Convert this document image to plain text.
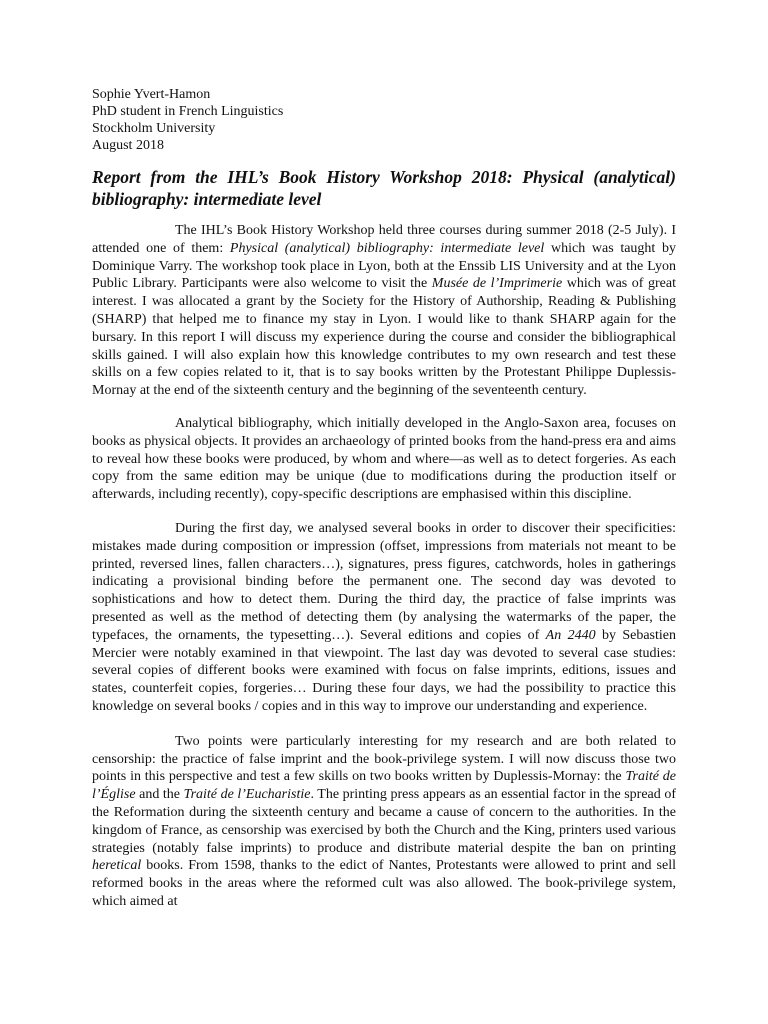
Sophie Yvert-Hamon
PhD student in French Linguistics
Stockholm University
August 2018
Report from the IHL’s Book History Workshop 2018: Physical (analytical) bibliography: intermediate level

The IHL’s Book History Workshop held three courses during summer 2018 (2-5 July). I attended one of them: Physical (analytical) bibliography: intermediate level which was taught by Dominique Varry. The workshop took place in Lyon, both at the Enssib LIS University and at the Lyon Public Library. Participants were also welcome to visit the Musée de l’Imprimerie which was of great interest. I was allocated a grant by the Society for the History of Authorship, Reading & Publishing (SHARP) that helped me to finance my stay in Lyon. I would like to thank SHARP again for the bursary. In this report I will discuss my experience during the course and consider the bibliographical skills gained. I will also explain how this knowledge contributes to my own research and test these skills on a few copies related to it, that is to say books written by the Protestant Philippe Duplessis-Mornay at the end of the sixteenth century and the beginning of the seventeenth century.

Analytical bibliography, which initially developed in the Anglo-Saxon area, focuses on books as physical objects. It provides an archaeology of printed books from the hand-press era and aims to reveal how these books were produced, by whom and where—as well as to detect forgeries. As each copy from the same edition may be unique (due to modifications during the production itself or afterwards, including recently), copy-specific descriptions are emphasised within this discipline.

During the first day, we analysed several books in order to discover their specificities: mistakes made during composition or impression (offset, impressions from materials not meant to be printed, reversed lines, fallen characters…), signatures, press figures, catchwords, holes in gatherings indicating a provisional binding before the permanent one. The second day was devoted to sophistications and how to detect them. During the third day, the practice of false imprints was presented as well as the method of detecting them (by analysing the watermarks of the paper, the typefaces, the ornaments, the typesetting…). Several editions and copies of An 2440 by Sebastien Mercier were notably examined in that viewpoint. The last day was devoted to several case studies: several copies of different books were examined with focus on false imprints, editions, issues and states, counterfeit copies, forgeries… During these four days, we had the possibility to practice this knowledge on several books / copies and in this way to improve our understanding and experience.

Two points were particularly interesting for my research and are both related to censorship: the practice of false imprint and the book-privilege system. I will now discuss those two points in this perspective and test a few skills on two books written by Duplessis-Mornay: the Traité de l’Église and the Traité de l’Eucharistie. The printing press appears as an essential factor in the spread of the Reformation during the sixteenth century and became a cause of concern to the authorities. In the kingdom of France, as censorship was exercised by both the Church and the King, printers used various strategies (notably false imprints) to produce and distribute material despite the ban on printing heretical books. From 1598, thanks to the edict of Nantes, Protestants were allowed to print and sell reformed books in the areas where the reformed cult was also allowed. The book-privilege system, which aimed at
